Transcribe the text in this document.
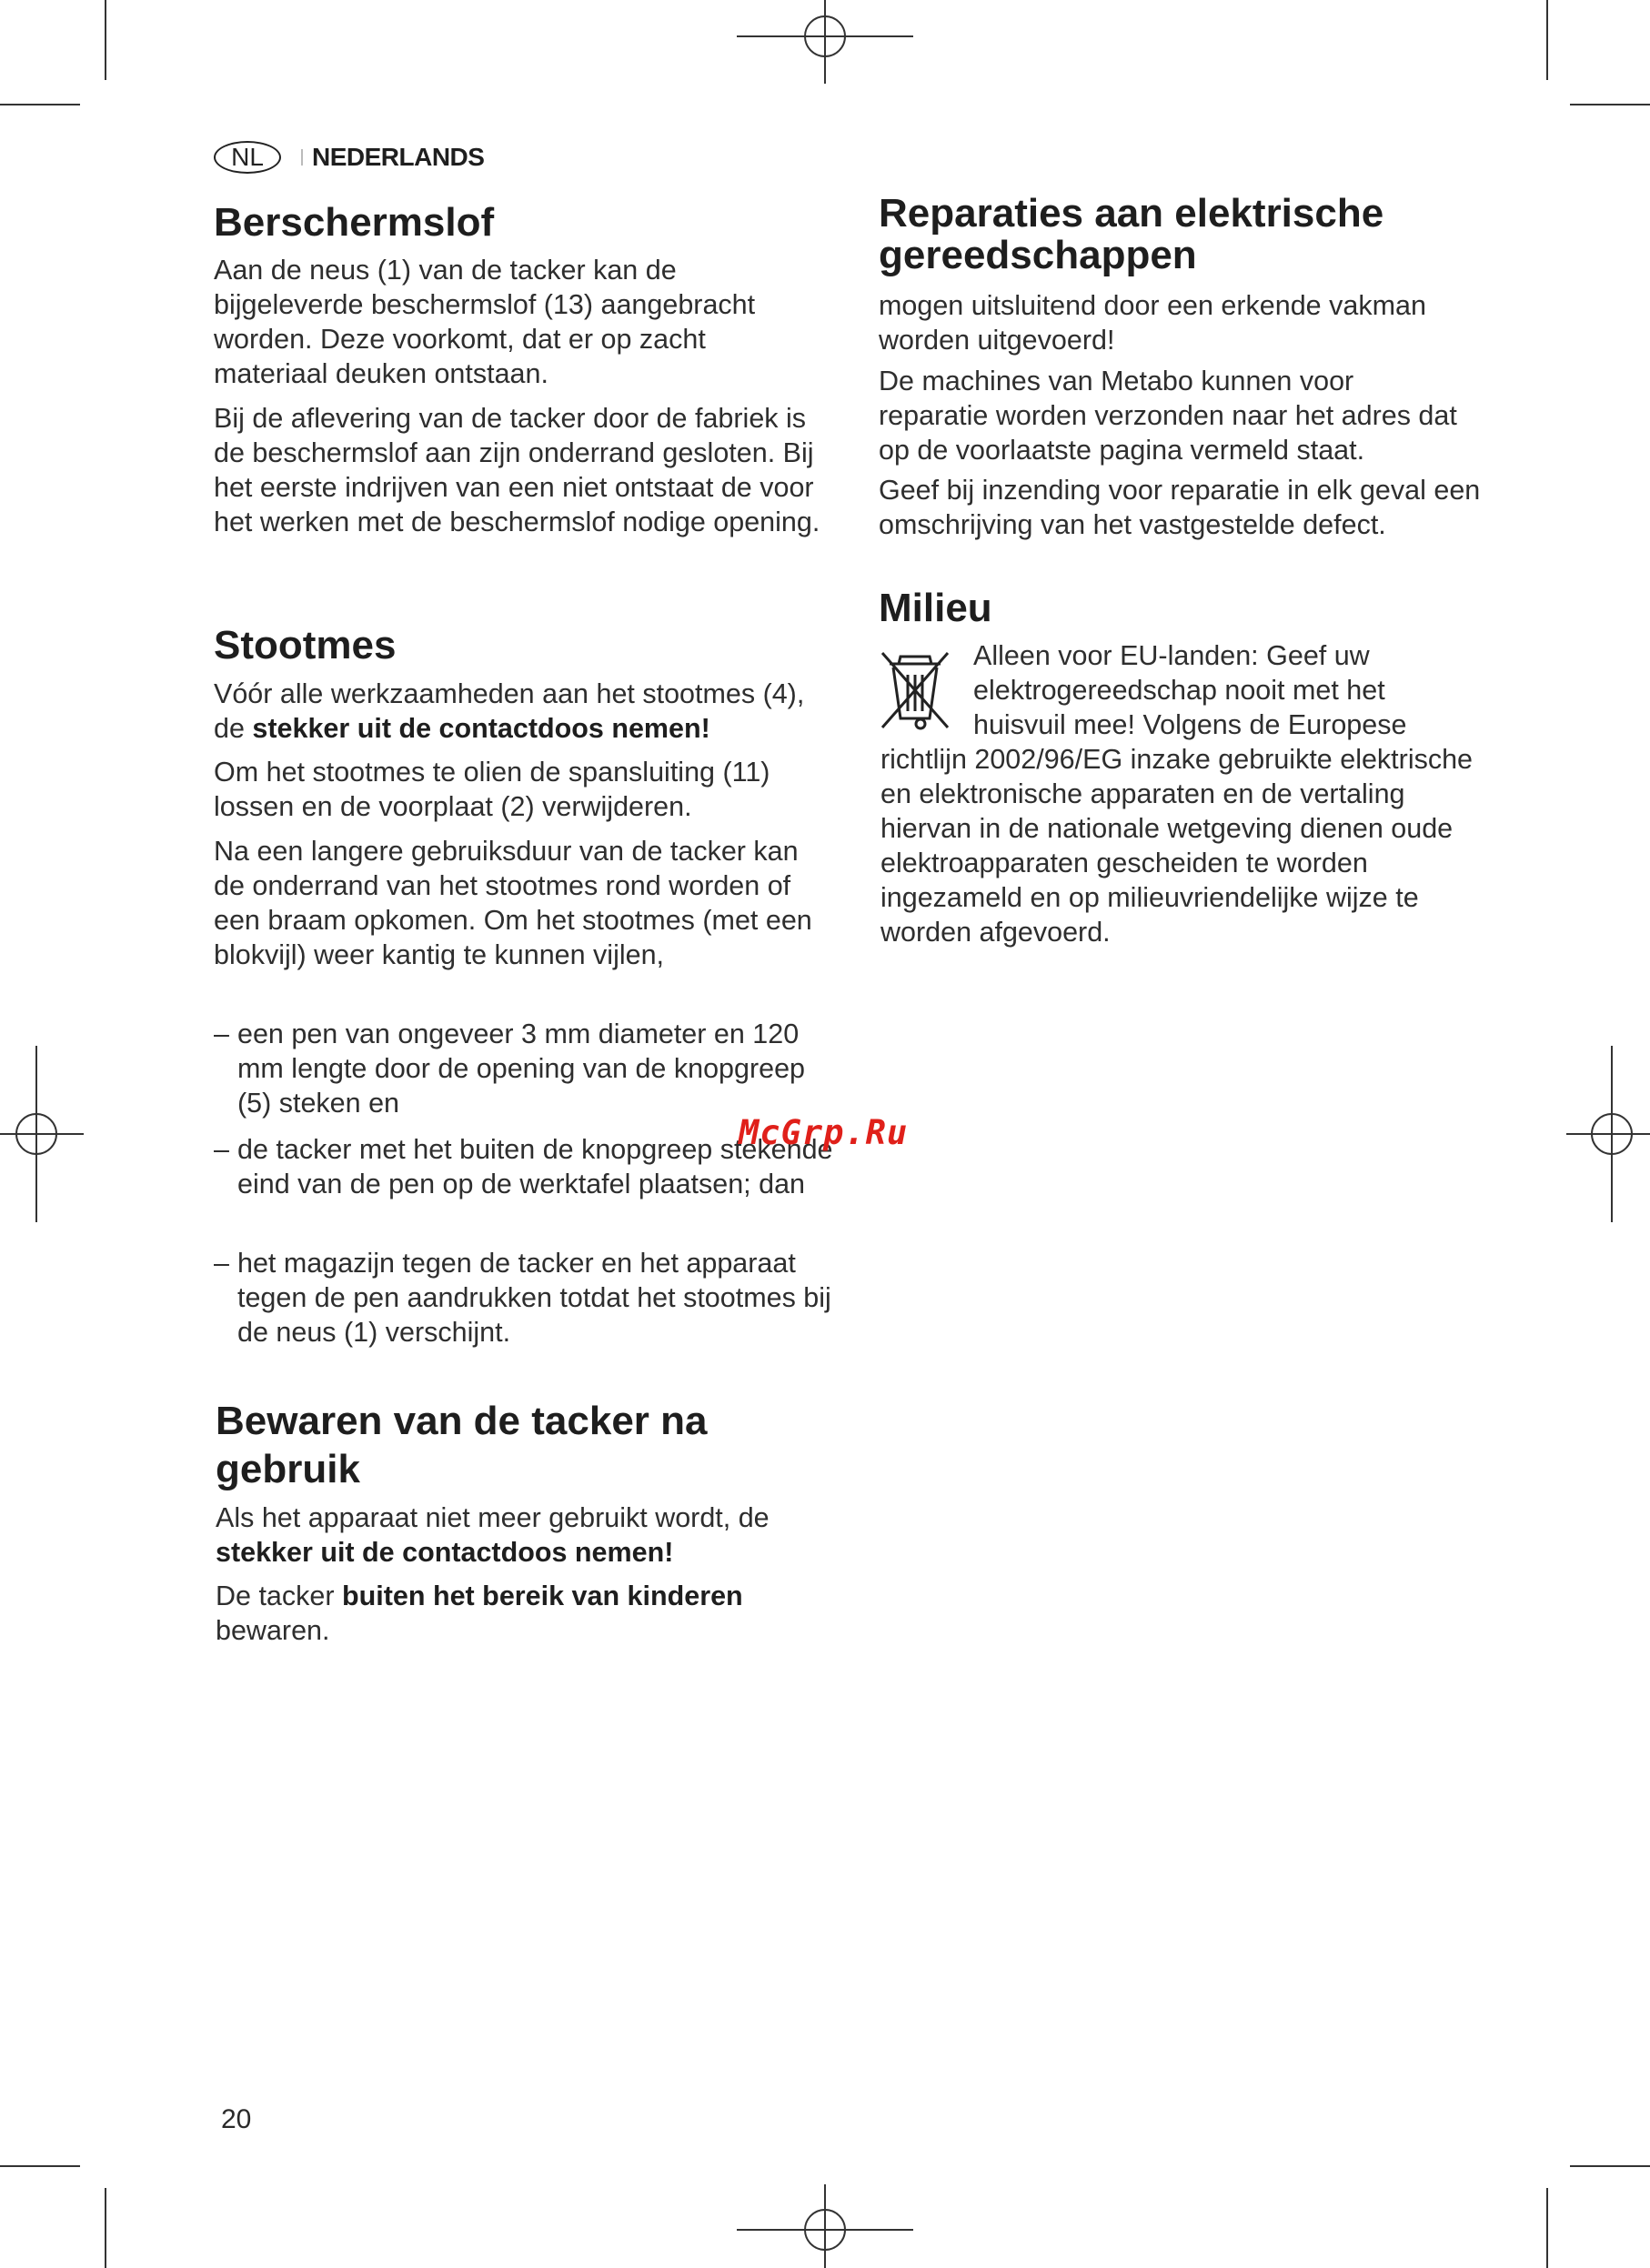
NL	NEDERLANDS
Berschermslof

Aan de neus (1) van de tacker kan de bijgeleverde beschermslof (13) aangebracht worden. Deze voorkomt, dat er op zacht materiaal deuken ontstaan.

Bij de aflevering van de tacker door de fabriek is de beschermslof aan zijn onderrand gesloten. Bij het eerste indrijven van een niet ontstaat de voor het werken met de beschermslof nodige opening.

Stootmes

Vóór alle werkzaamheden aan het stootmes (4), de stekker uit de contactdoos nemen!

Om het stootmes te olien de spansluiting (11) lossen en de voorplaat (2) verwijderen.

Na een langere gebruiksduur van de tacker kan de onderrand van het stootmes rond worden of een braam opkomen. Om het stootmes (met een blokvijl) weer kantig te kunnen vijlen,

– een pen van ongeveer 3 mm diameter en 120 mm lengte door de opening van de knopgreep (5) steken en
– de tacker met het buiten de knopgreep stekende eind van de pen op de werktafel plaatsen; dan
– het magazijn tegen de tacker en het apparaat tegen de pen aandrukken totdat het stootmes bij de neus (1) verschijnt.
Bewaren van de tacker na gebruik

Als het apparaat niet meer gebruikt wordt, de stekker uit de contactdoos nemen!

De tacker buiten het bereik van kinderen bewaren.

Reparaties aan elektrische gereedschappen

mogen uitsluitend door een erkende vakman worden uitgevoerd!

De machines van Metabo kunnen voor reparatie worden verzonden naar het adres dat op de voorlaatste pagina vermeld staat.

Geef bij inzending voor reparatie in elk geval een omschrijving van het vastgestelde defect.

Milieu

Alleen voor EU-landen: Geef uw elektrogereedschap nooit met het huisvuil mee! Volgens de Europese

richtlijn 2002/96/EG inzake gebruikte elektrische en elektronische apparaten en de vertaling hiervan in de nationale wetgeving dienen oude elektroapparaten gescheiden te worden ingezameld en op milieuvriendelijke wijze te worden afgevoerd.

McGrp.Ru
20
